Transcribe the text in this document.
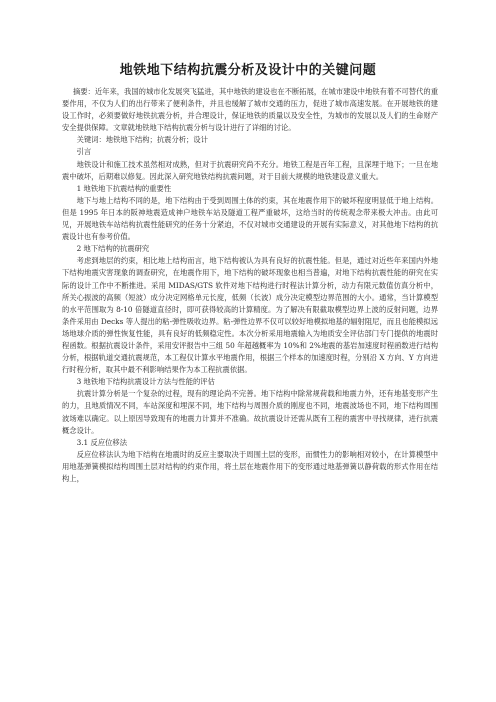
地铁地下结构抗震分析及设计中的关键问题

摘要：近年来，我国的城市化发展突飞猛进，其中地铁的建设也在不断拓展，在城市建设中地铁有着不可替代的重要作用，不仅为人们的出行带来了便利条件，并且也缓解了城市交通的压力，促进了城市高速发展。在开展地铁的建设工作时，必须要做好地铁抗震分析，并合理设计，保证地铁的质量以及安全性，为城市的发展以及人们的生命财产安全提供保障。文章就地铁地下结构抗震分析与设计进行了详细的讨论。

关键词：地铁地下结构；抗震分析；设计

引言

地铁设计和施工技术虽然相对成熟，但对于抗震研究尚不充分。地铁工程是百年工程，且深埋于地下；一旦在地震中破坏，后期难以修复。因此深入研究地铁结构抗震问题，对于目前大规模的地铁建设意义重大。

1 地铁地下抗震结构的重要性

地下与地上结构不同的是，地下结构由于受到周围土体的约束，其在地震作用下的破坏程度明显低于地上结构。但是 1995 年日本的阪神地震造成神户地铁车站及隧道工程严重破坏，这给当时的传统观念带来极大冲击。由此可见，开展地铁车站结构抗震性能研究的任务十分紧迫，不仅对城市交通建设的开展有实际意义，对其他地下结构的抗震设计也有参考价值。

2 地下结构的抗震研究

考虑到地层的约束，相比地上结构而言，地下结构被认为具有良好的抗震性能。但是，通过对近些年来国内外地下结构地震灾害现象的调查研究，在地震作用下，地下结构的破坏现象也相当普遍，对地下结构抗震性能的研究在实际的设计工作中不断推进。采用 MIDAS/GTS 软件对地下结构进行时程法计算分析，动力有限元数值仿真分析中，所关心振波的高频（短波）成分决定网格单元长度，低频（长波）成分决定模型边界范围的大小。通常，当计算模型的水平范围取为 8-10 倍隧道直径时，即可获得较高的计算精度。为了解决有限截取模型边界上波的反射问题，边界条件采用由 Decks 等人提出的粘-弹性吸收边界。粘-弹性边界不仅可以较好地模拟地基的辐射阻尼，而且也能模拟远场地球介质的弹性恢复性能，具有良好的低频稳定性。本次分析采用地震输入为地质安全评估部门专门提供的地震时程函数。根据抗震设计条件，采用安评报告中三组 50 年超越概率为 10%和 2%地震的基岩加速度时程函数进行结构分析，根据轨道交通抗震规范，本工程仅计算水平地震作用，根据三个样本的加速度时程，分别沿 X 方向、Y 方向进行时程分析，取其中最不利影响结果作为本工程抗震依据。

3 地铁地下结构抗震设计方法与性能的评估

抗震计算分析是一个复杂的过程，现有的理论尚不完善。地下结构中除常规荷载和地震力外，还有地基变形产生的力，且地质情况不同，车站深度和埋深不同，地下结构与周围介质的刚度也不同，地震波场也不同，地下结构周围波场难以确定。以上原因导致现有的地震力计算并不准确。故抗震设计还需从既有工程的震害中寻找规律，进行抗震概念设计。

3.1 反应位移法

反应位移法认为地下结构在地震时的反应主要取决于周围土层的变形，而惯性力的影响相对较小，在计算模型中用地基弹簧模拟结构周围土层对结构的约束作用，将土层在地震作用下的变形通过地基弹簧以静荷载的形式作用在结构上，
